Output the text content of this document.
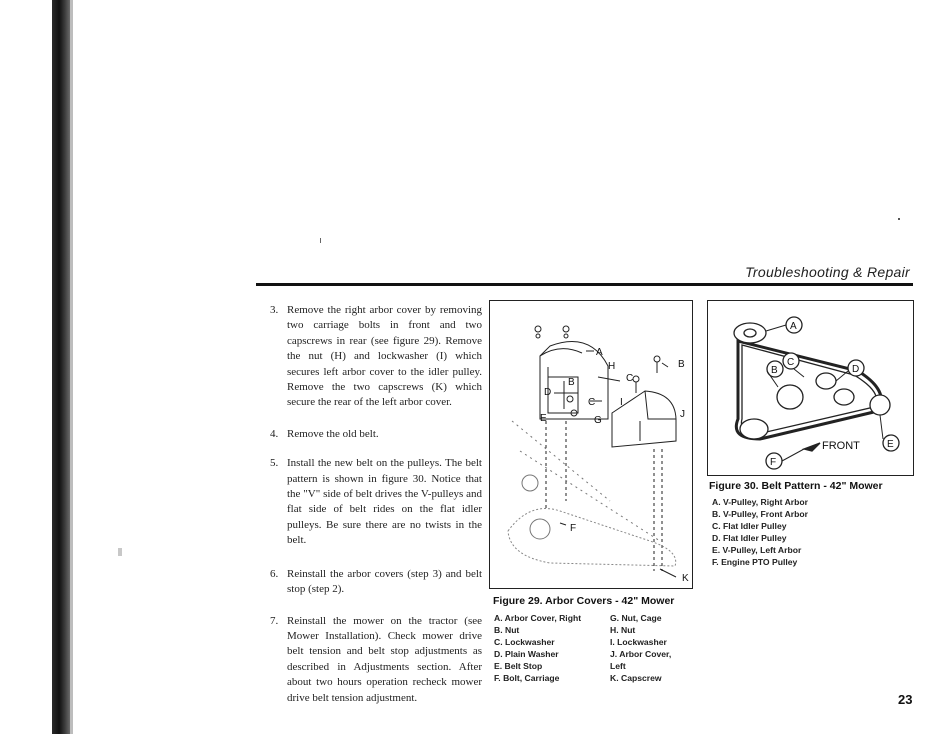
Troubleshooting & Repair
3. Remove the right arbor cover by removing two carriage bolts in front and two capscrews in rear (see figure 29). Remove the nut (H) and lockwasher (I) which secures left arbor cover to the idler pulley. Remove the two capscrews (K) which secure the rear of the left arbor cover.
4. Remove the old belt.
5. Install the new belt on the pulleys. The belt pattern is shown in figure 30. Notice that the "V" side of belt drives the V-pulleys and flat side of belt rides on the flat idler pulleys. Be sure there are no twists in the belt.
6. Reinstall the arbor covers (step 3) and belt stop (step 2).
7. Reinstall the mower on the tractor (see Mower Installation). Check mower drive belt tension and belt stop adjustments as described in Adjustments section. After about two hours operation recheck mower drive belt tension adjustment.
A
B
C
C
D
E
F
G
H
I
B
J
K
Figure 29. Arbor Covers - 42" Mower
A. Arbor Cover, Right
B. Nut
C. Lockwasher
D. Plain Washer
E. Belt Stop
F. Bolt, Carriage
G. Nut, Cage
H. Nut
I. Lockwasher
J. Arbor Cover, Left
K. Capscrew
A
B
C
D
E
F
FRONT
Figure 30. Belt Pattern - 42" Mower
A. V-Pulley, Right Arbor
B. V-Pulley, Front Arbor
C. Flat Idler Pulley
D. Flat Idler Pulley
E. V-Pulley, Left Arbor
F. Engine PTO Pulley
23
